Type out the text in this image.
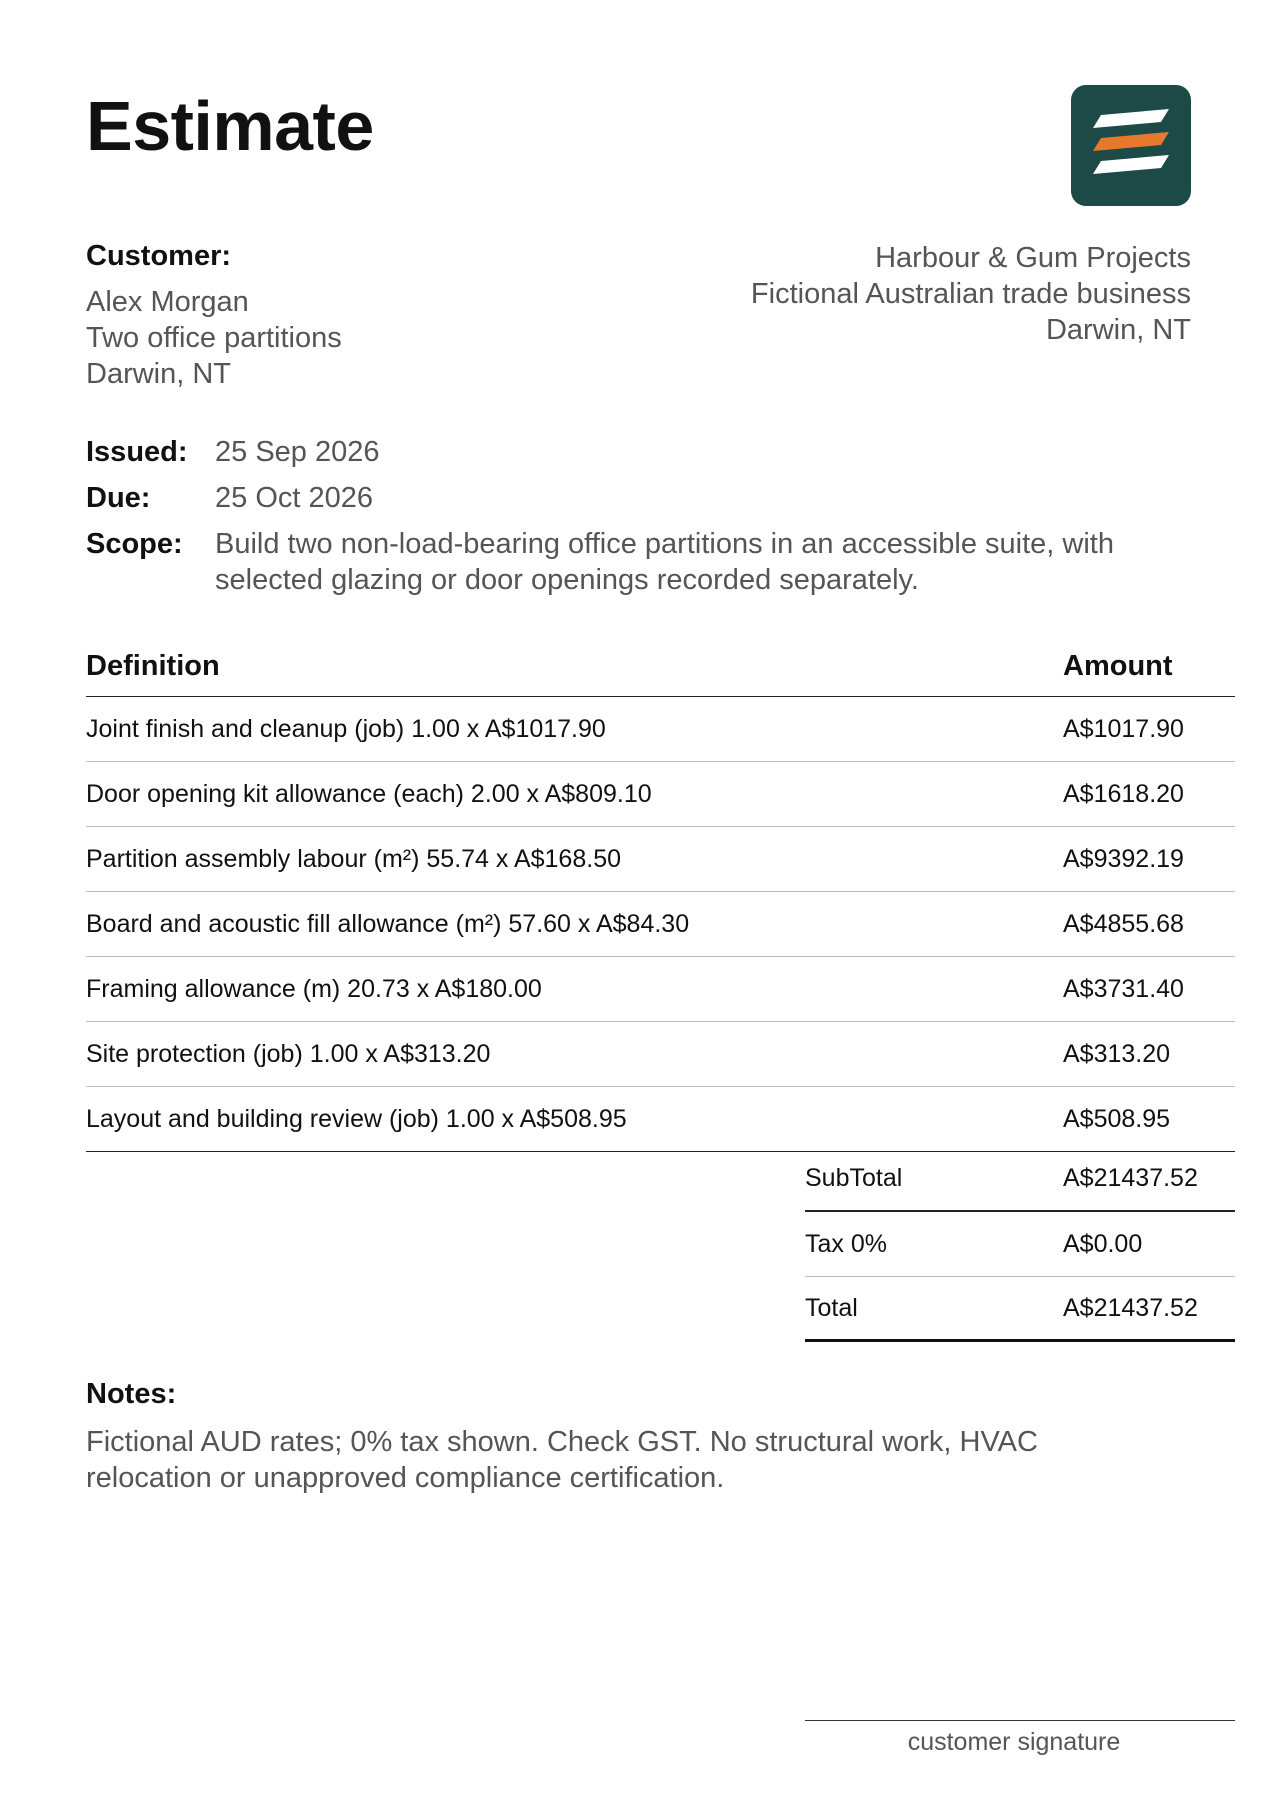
Estimate
Customer:
Alex Morgan
Two office partitions
Darwin, NT
Harbour & Gum Projects
Fictional Australian trade business
Darwin, NT
Issued: 25 Sep 2026
Due:	25 Oct 2026
Scope:	Build two non-load-bearing office partitions in an accessible suite, with selected glazing or door openings recorded separately.
Definition	Amount
Joint finish and cleanup (job) 1.00 x A$1017.90	A$1017.90
Door opening kit allowance (each) 2.00 x A$809.10	A$1618.20
Partition assembly labour (m²) 55.74 x A$168.50	A$9392.19
Board and acoustic fill allowance (m²) 57.60 x A$84.30	A$4855.68
Framing allowance (m) 20.73 x A$180.00	A$3731.40
Site protection (job) 1.00 x A$313.20	A$313.20
Layout and building review (job) 1.00 x A$508.95	A$508.95
SubTotal	A$21437.52
Tax 0%	A$0.00
Total	A$21437.52
Notes:
Fictional AUD rates; 0% tax shown. Check GST. No structural work, HVAC relocation or unapproved compliance certification.
customer signature
